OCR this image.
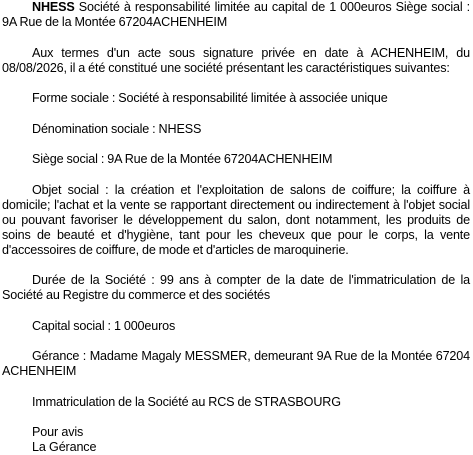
NHESS Société à responsabilité limitée au capital de 1 000euros Siège social : 9A Rue de la Montée 67204ACHENHEIM

Aux termes d'un acte sous signature privée en date à ACHENHEIM, du 08/08/2026, il a été constitué une société présentant les caractéristiques suivantes:

Forme sociale : Société à responsabilité limitée à associée unique

Dénomination sociale : NHESS

Siège social : 9A Rue de la Montée 67204ACHENHEIM

Objet social : la création et l'exploitation de salons de coiffure; la coiffure à domicile; l'achat et la vente se rapportant directement ou indirectement à l'objet social ou pouvant favoriser le développement du salon, dont notamment, les produits de soins de beauté et d'hygiène, tant pour les cheveux que pour le corps, la vente d'accessoires de coiffure, de mode et d'articles de maroquinerie.

Durée de la Société : 99 ans à compter de la date de l'immatriculation de la Société au Registre du commerce et des sociétés

Capital social : 1 000euros

Gérance : Madame Magaly MESSMER, demeurant 9A Rue de la Montée 67204 ACHENHEIM

Immatriculation de la Société au RCS de STRASBOURG

Pour avis

La Gérance
